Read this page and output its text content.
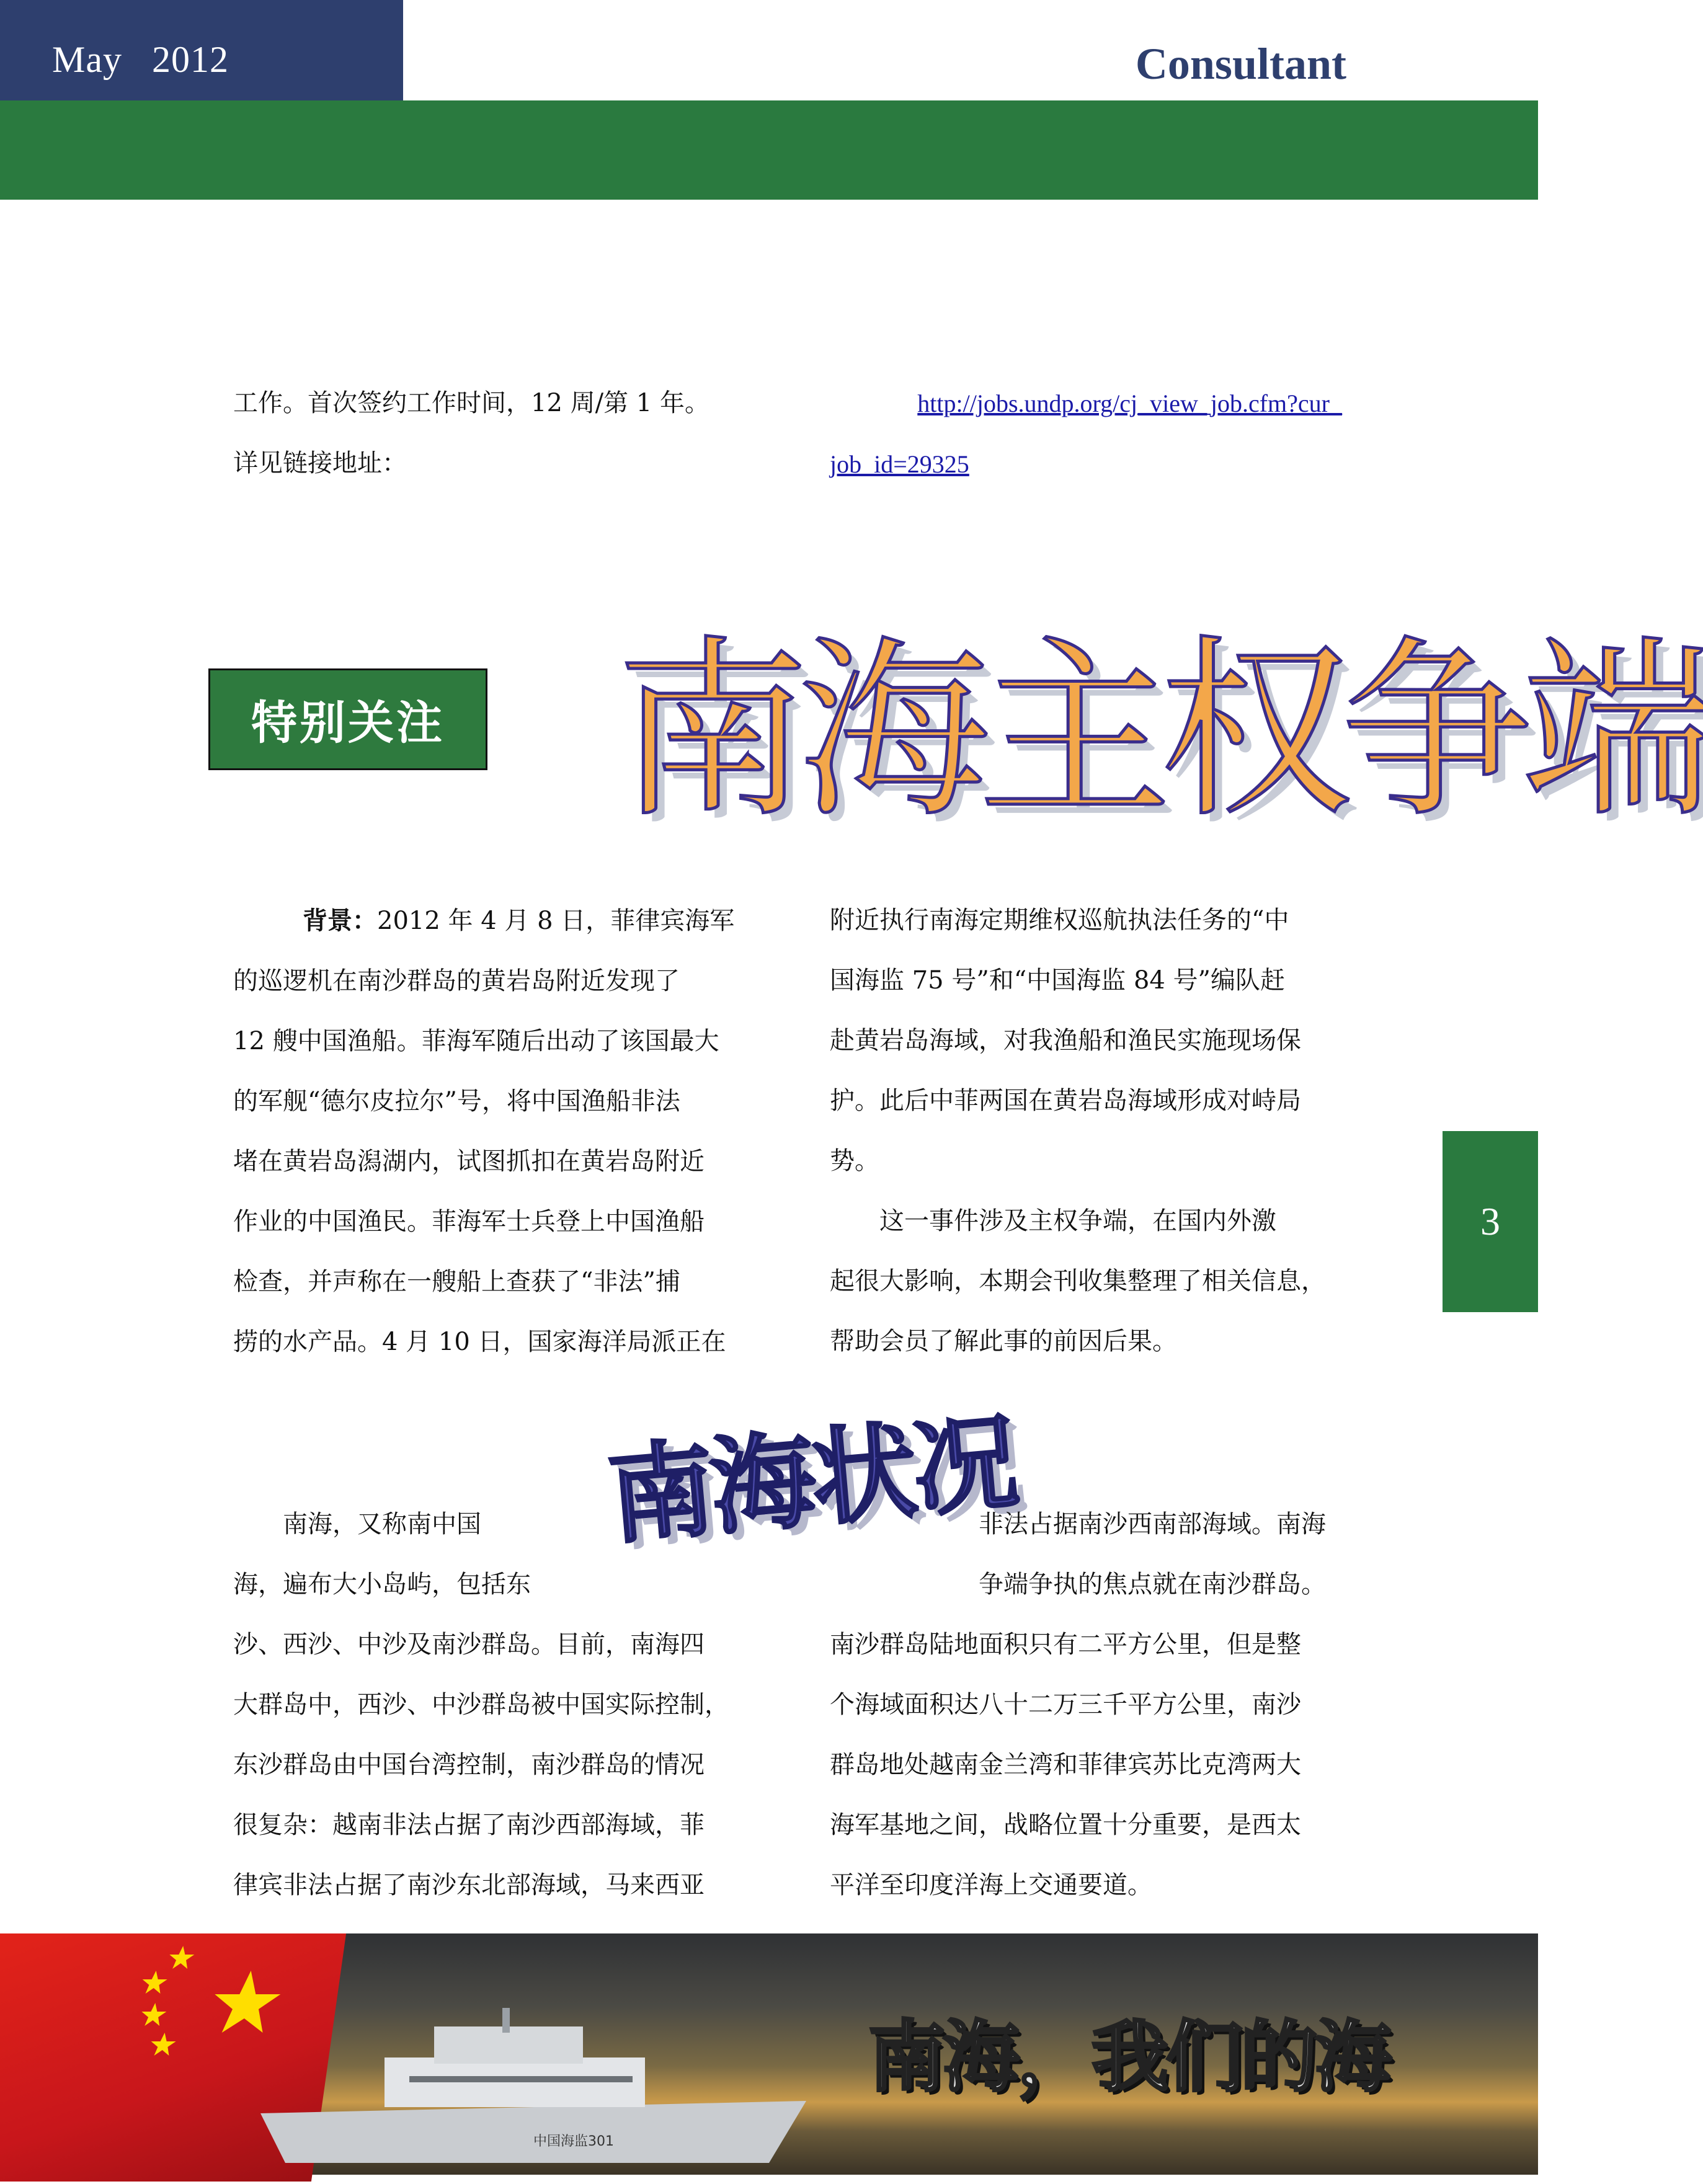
May   2012	Consultant
工作。首次签约工作时间，12 周/第 1 年。
详见链接地址：
http://jobs.undp.org/cj_view_job.cfm?cur_
job_id=29325
特别关注 南海主权争端
背景：2012 年 4 月 8 日，菲律宾海军
的巡逻机在南沙群岛的黄岩岛附近发现了
12 艘中国渔船。菲海军随后出动了该国最大
的军舰“德尔皮拉尔”号，将中国渔船非法
堵在黄岩岛潟湖内，试图抓扣在黄岩岛附近
作业的中国渔民。菲海军士兵登上中国渔船
检查，并声称在一艘船上查获了“非法”捕
捞的水产品。4 月 10 日，国家海洋局派正在
附近执行南海定期维权巡航执法任务的“中
国海监 75 号”和“中国海监 84 号”编队赶
赴黄岩岛海域，对我渔船和渔民实施现场保
护。此后中菲两国在黄岩岛海域形成对峙局
势。
　　这一事件涉及主权争端，在国内外激
起很大影响，本期会刊收集整理了相关信息，
帮助会员了解此事的前因后果。
3
南海状况
　　南海，又称南中国
海，遍布大小岛屿，包括东
沙、西沙、中沙及南沙群岛。目前，南海四
大群岛中，西沙、中沙群岛被中国实际控制，
东沙群岛由中国台湾控制，南沙群岛的情况
很复杂：越南非法占据了南沙西部海域，菲
律宾非法占据了南沙东北部海域，马来西亚
非法占据南沙西南部海域。南海
争端争执的焦点就在南沙群岛。
南沙群岛陆地面积只有二平方公里，但是整
个海域面积达八十二万三千平方公里，南沙
群岛地处越南金兰湾和菲律宾苏比克湾两大
海军基地之间，战略位置十分重要，是西太
平洋至印度洋海上交通要道。
中国海监301
南海，我们的海
